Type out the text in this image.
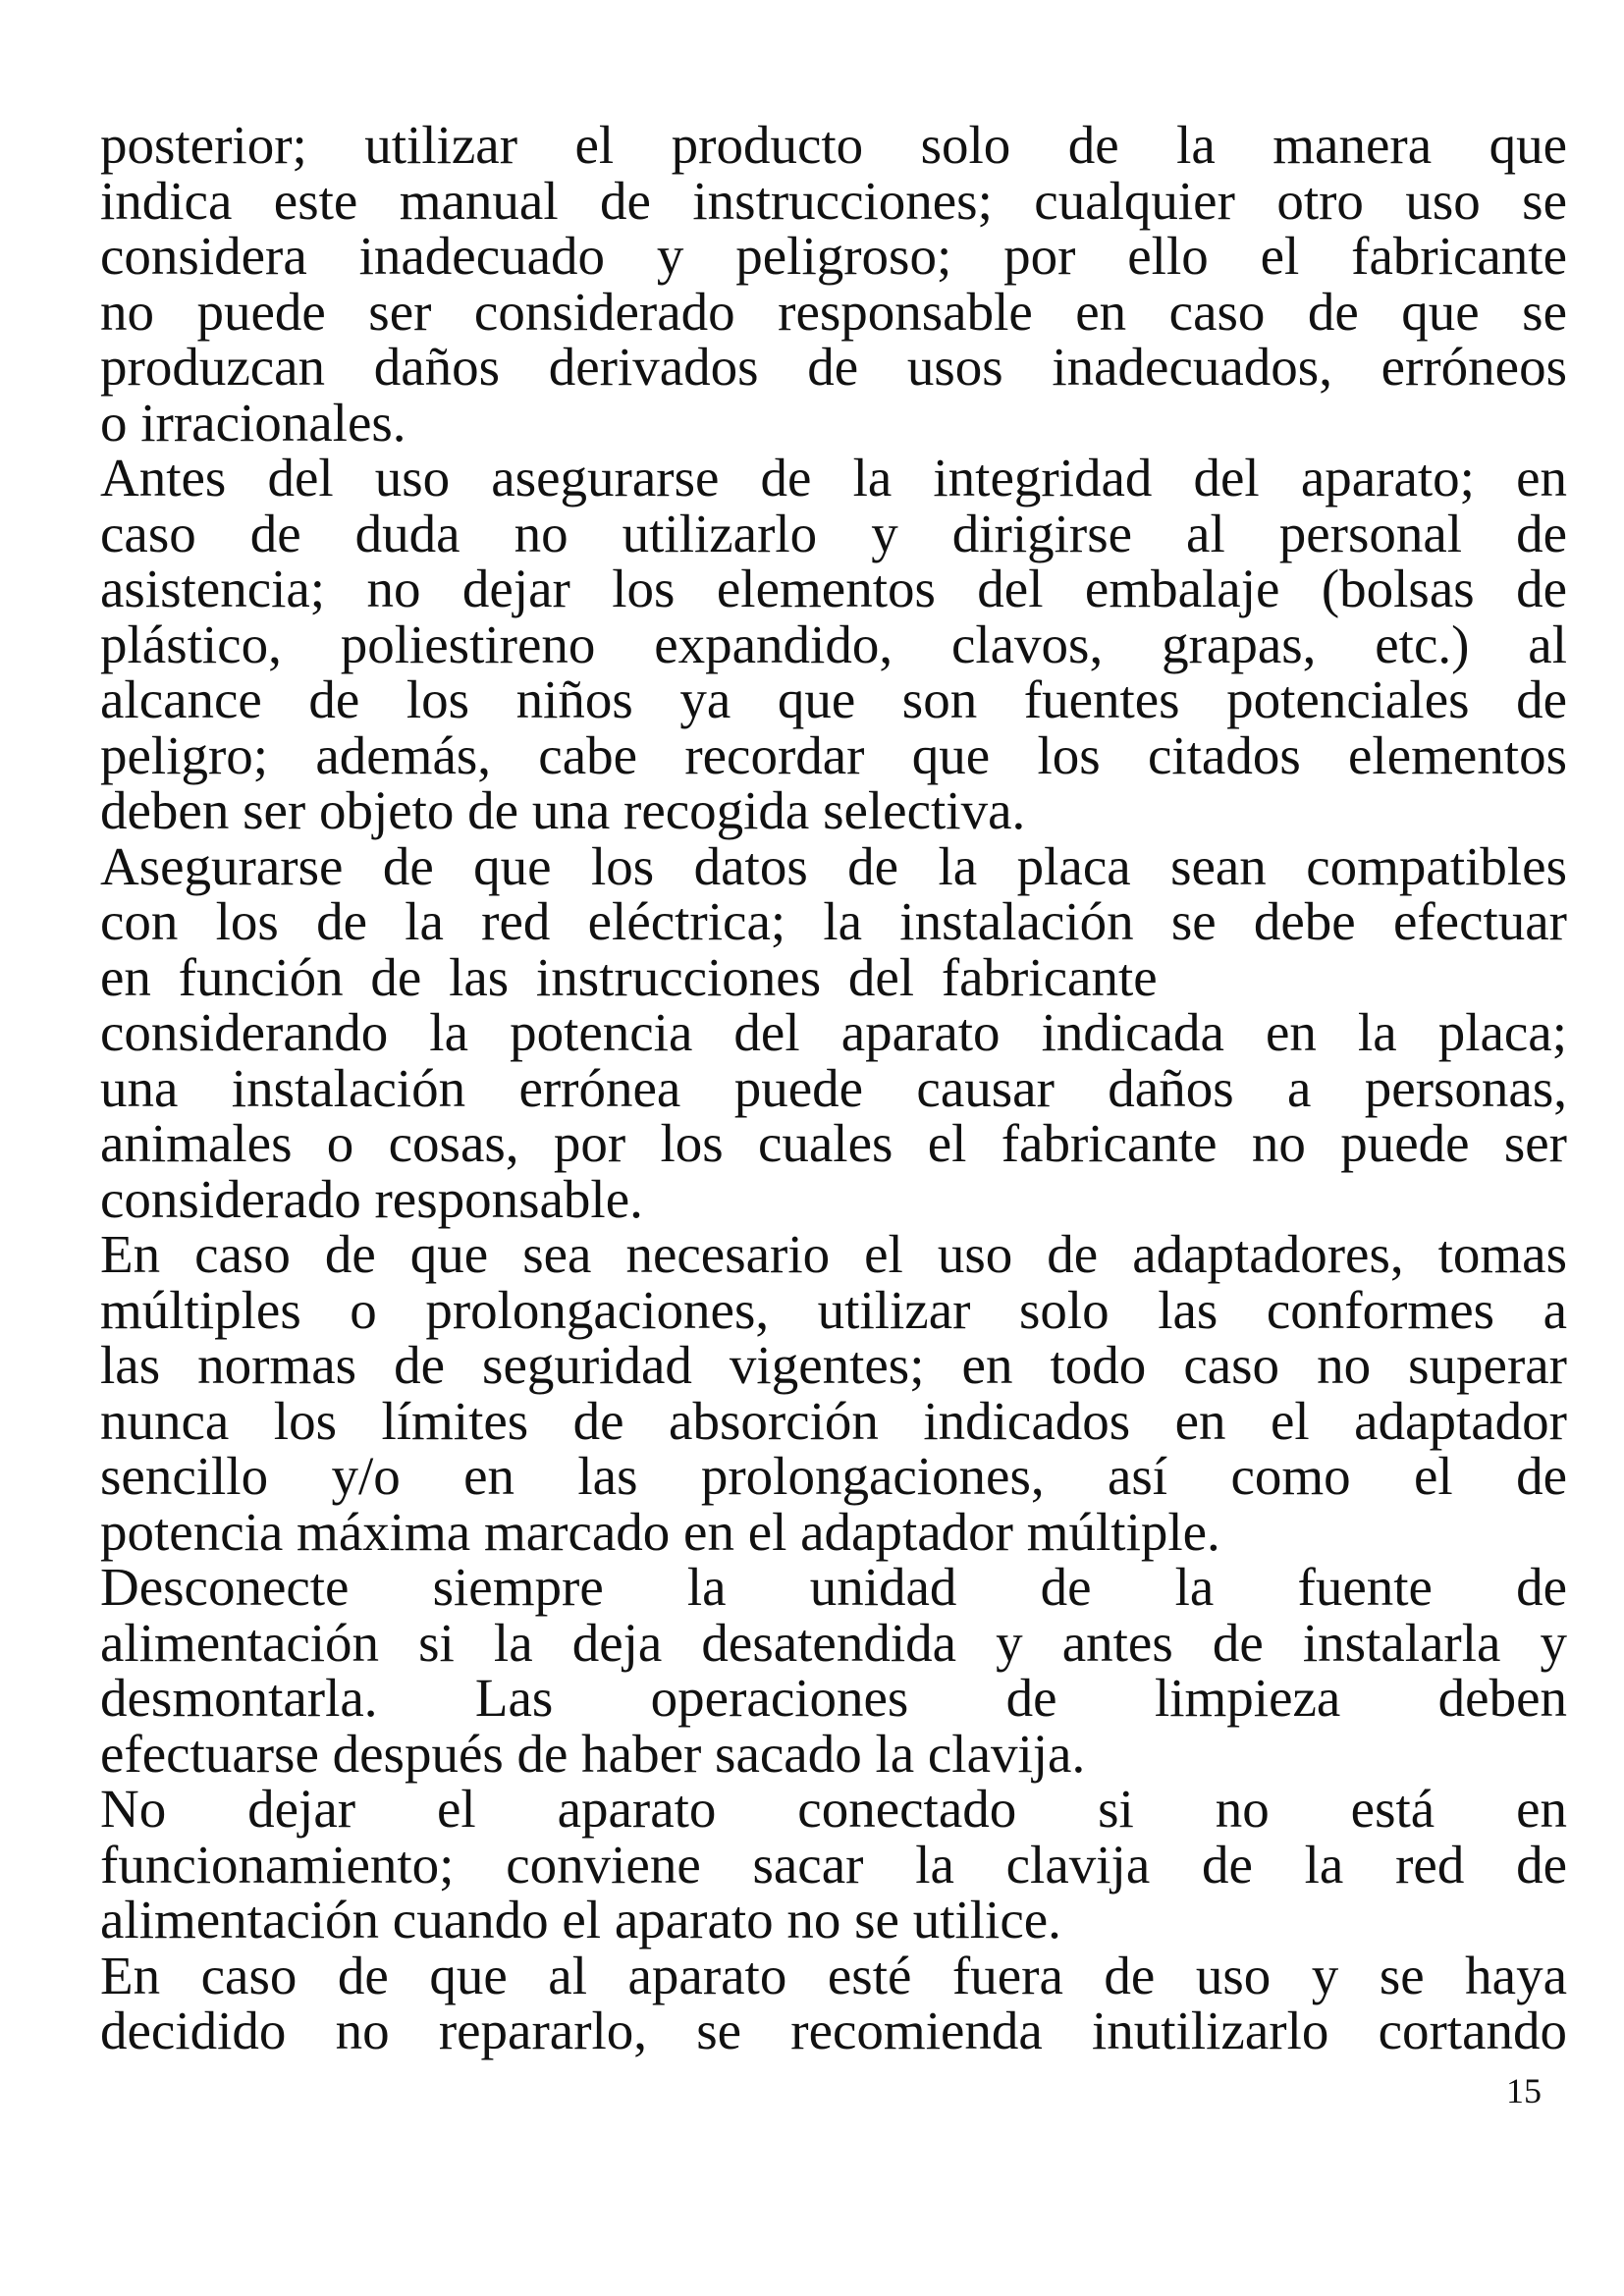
posterior; utilizar el producto solo de la manera que
indica este manual de instrucciones; cualquier otro uso se
considera inadecuado y peligroso; por ello el fabricante
no puede ser considerado responsable en caso de que se
produzcan daños derivados de usos inadecuados, erróneos
o irracionales.
Antes del uso asegurarse de la integridad del aparato; en
caso de duda no utilizarlo y dirigirse al personal de
asistencia; no dejar los elementos del embalaje (bolsas de
plástico, poliestireno expandido, clavos, grapas, etc.) al
alcance de los niños ya que son fuentes potenciales de
peligro; además, cabe recordar que los citados elementos
deben ser objeto de una recogida selectiva.
Asegurarse de que los datos de la placa sean compatibles
con los de la red eléctrica; la instalación se debe efectuar
en función de las instrucciones del fabricante
considerando la potencia del aparato indicada en la placa;
una instalación errónea puede causar daños a personas,
animales o cosas, por los cuales el fabricante no puede ser
considerado responsable.
En caso de que sea necesario el uso de adaptadores, tomas
múltiples o prolongaciones, utilizar solo las conformes a
las normas de seguridad vigentes; en todo caso no superar
nunca los límites de absorción indicados en el adaptador
sencillo y/o en las prolongaciones, así como el de
potencia máxima marcado en el adaptador múltiple.
Desconecte siempre la unidad de la fuente de
alimentación si la deja desatendida y antes de instalarla y
desmontarla. Las operaciones de limpieza deben
efectuarse después de haber sacado la clavija.
No dejar el aparato conectado si no está en
funcionamiento; conviene sacar la clavija de la red de
alimentación cuando el aparato no se utilice.
En caso de que al aparato esté fuera de uso y se haya
decidido no repararlo, se recomienda inutilizarlo cortando
15
